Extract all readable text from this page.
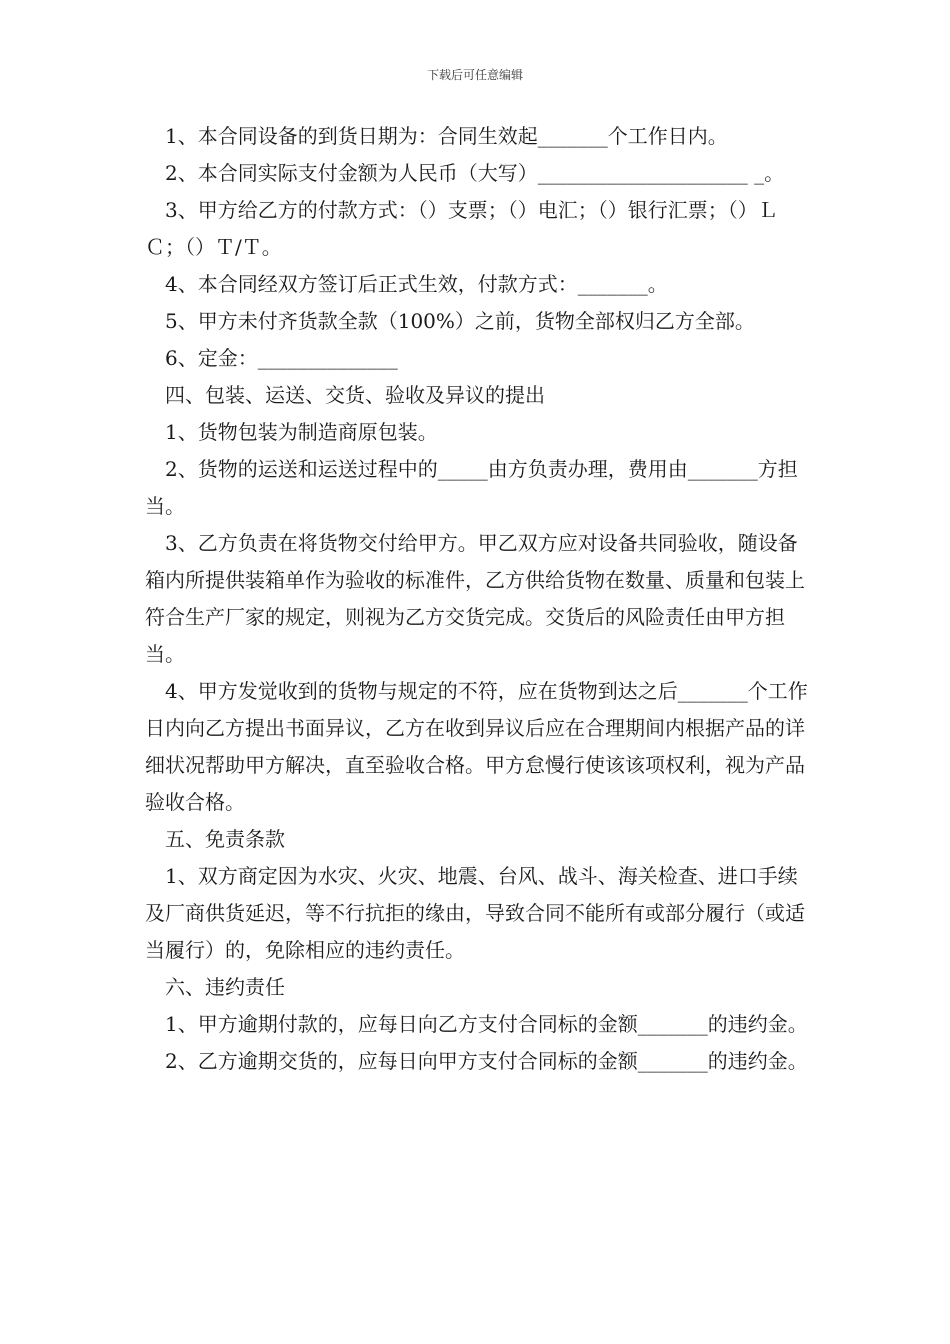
下载后可任意编辑

1、本合同设备的到货日期为：合同生效起_______个工作日内。

2、本合同实际支付金额为人民币（大写）_____________________ _。

3、甲方给乙方的付款方式：（）支票；（）电汇；（）银行汇票；（）ＬＣ；（）Ｔ/Ｔ。

4、本合同经双方签订后正式生效，付款方式：_______。

5、甲方未付齐货款全款（100%）之前，货物全部权归乙方全部。

6、定金：______________

四、包装、运送、交货、验收及异议的提出

1、货物包装为制造商原包装。

2、货物的运送和运送过程中的_____由方负责办理，费用由_______方担当。

3、乙方负责在将货物交付给甲方。甲乙双方应对设备共同验收，随设备箱内所提供装箱单作为验收的标准件，乙方供给货物在数量、质量和包装上符合生产厂家的规定，则视为乙方交货完成。交货后的风险责任由甲方担当。

4、甲方发觉收到的货物与规定的不符，应在货物到达之后_______个工作日内向乙方提出书面异议，乙方在收到异议后应在合理期间内根据产品的详细状况帮助甲方解决，直至验收合格。甲方怠慢行使该该项权利，视为产品验收合格。

五、免责条款

1、双方商定因为水灾、火灾、地震、台风、战斗、海关检查、进口手续及厂商供货延迟，等不行抗拒的缘由，导致合同不能所有或部分履行（或适当履行）的，免除相应的违约责任。

六、违约责任

1、甲方逾期付款的，应每日向乙方支付合同标的金额_______的违约金。

2、乙方逾期交货的，应每日向甲方支付合同标的金额_______的违约金。
